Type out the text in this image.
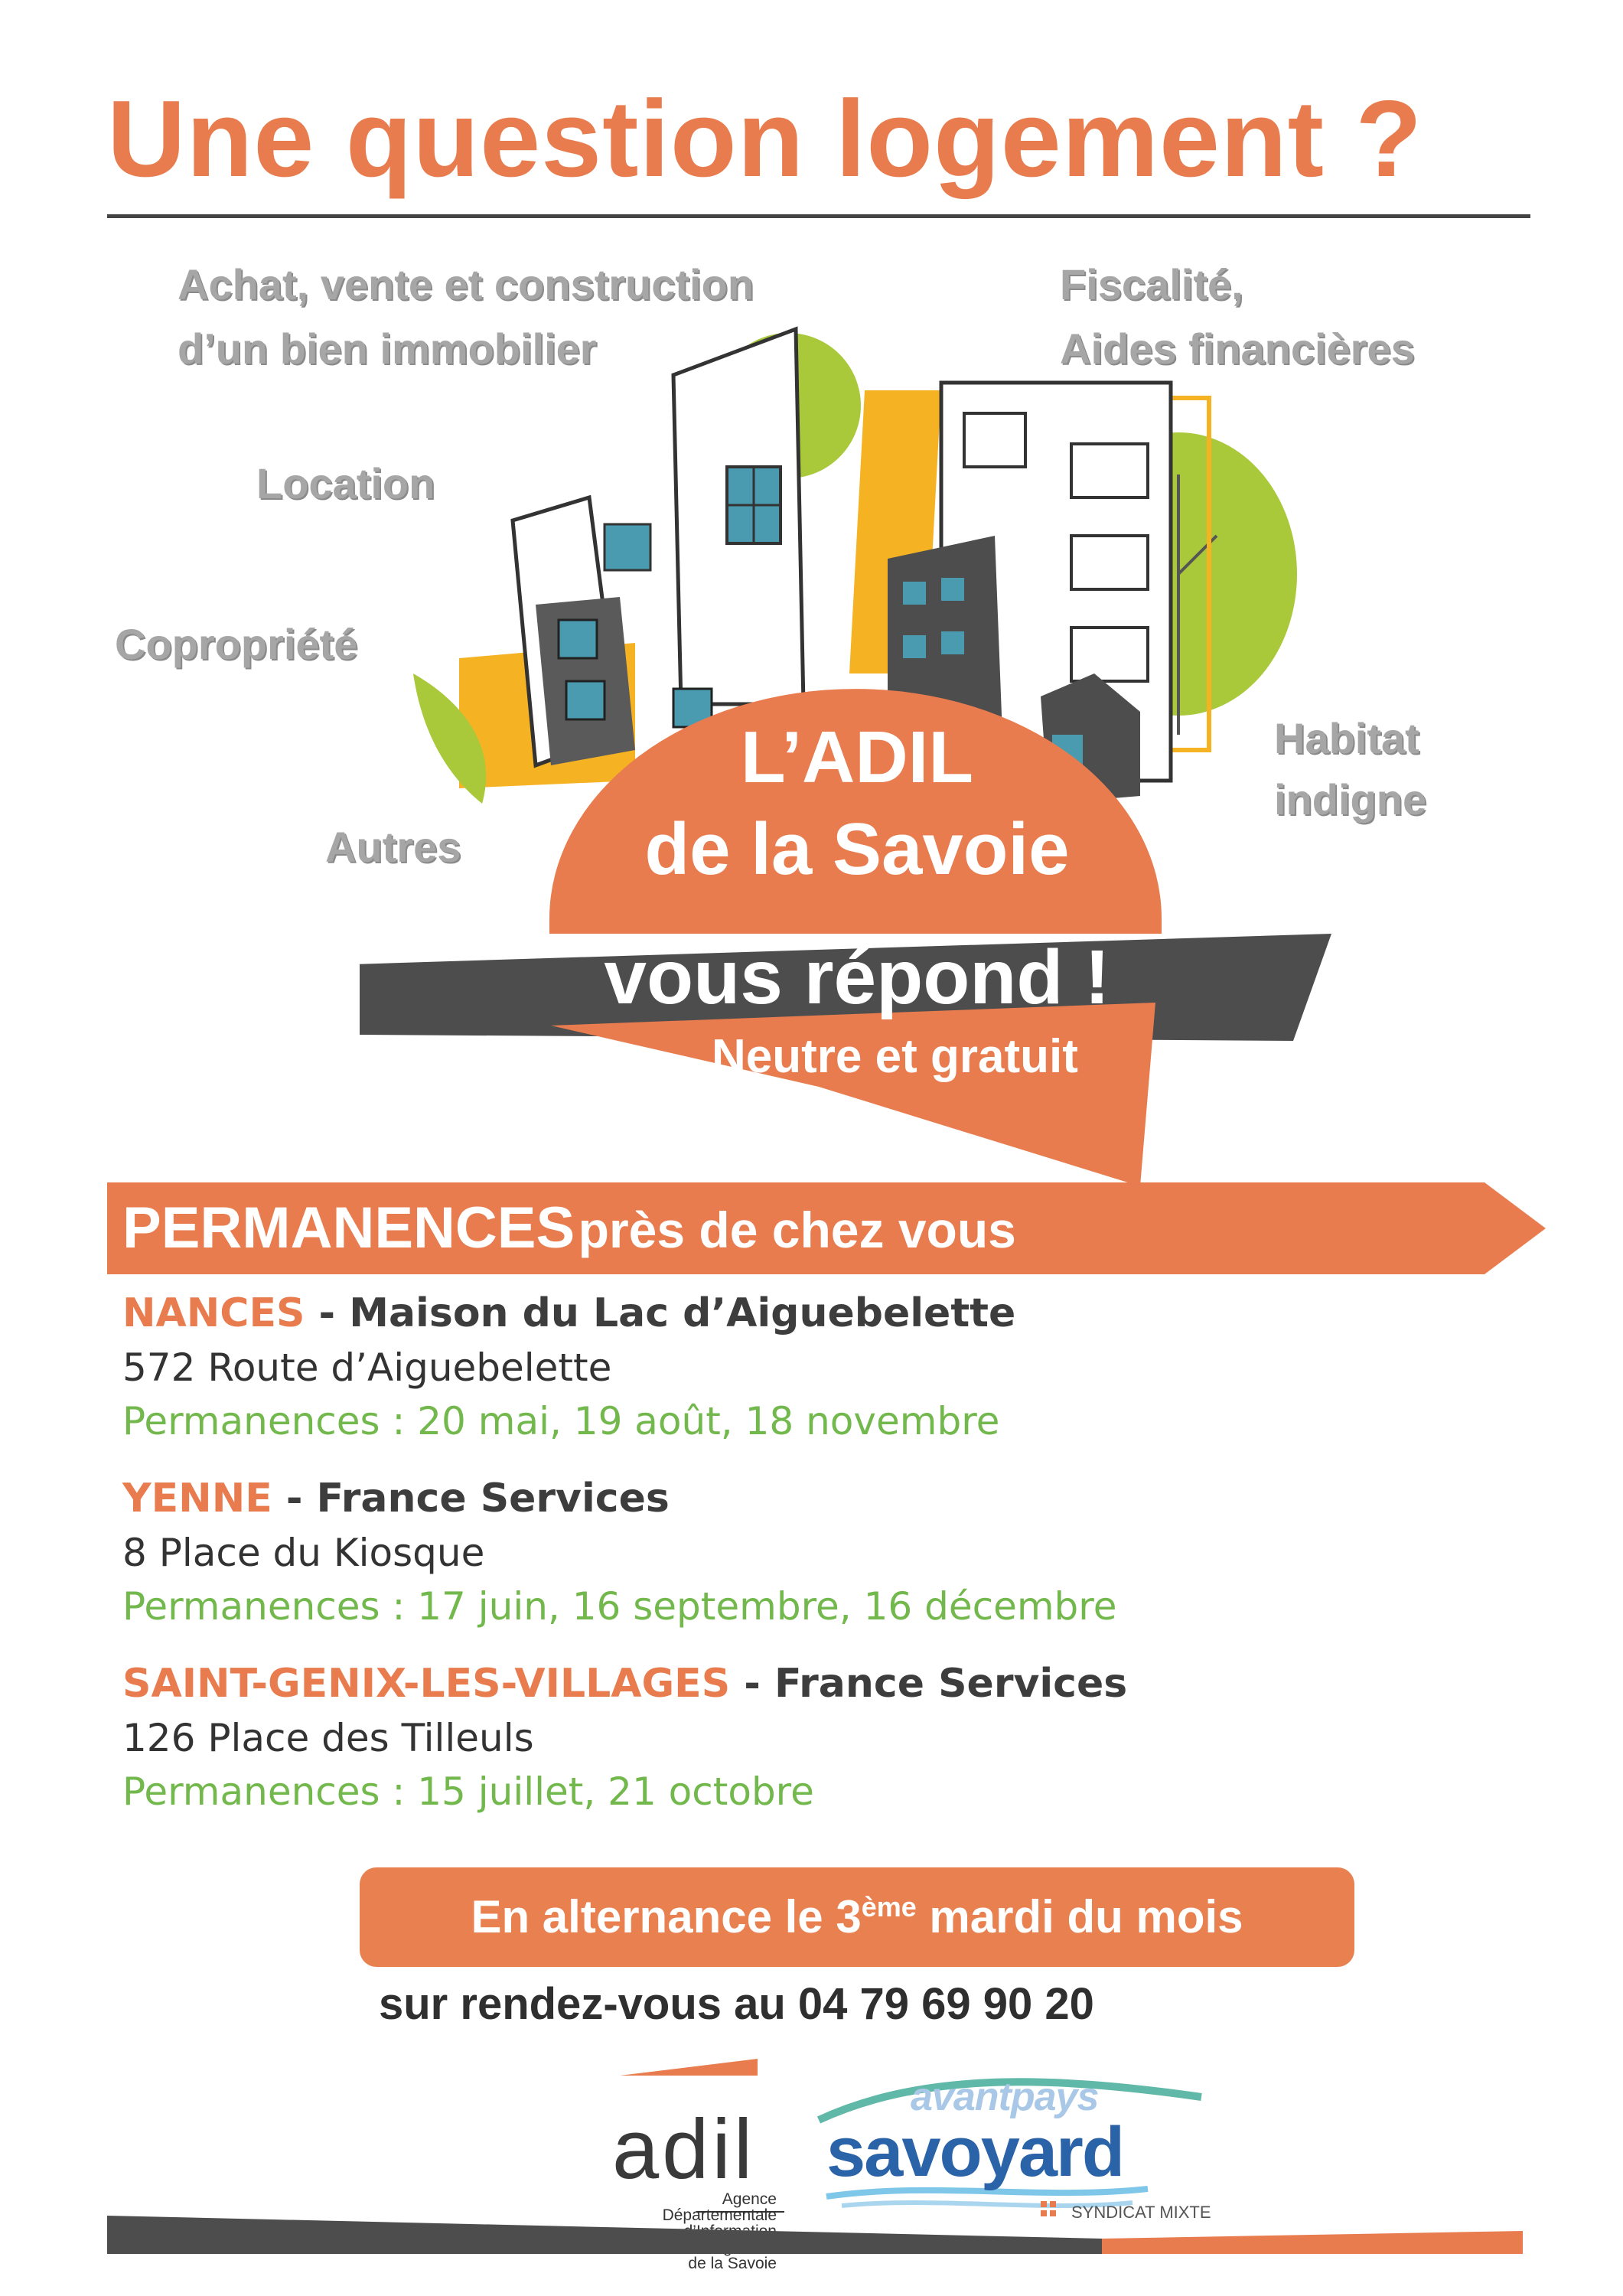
Une question logement ?
Achat, vente et construction
d’un bien immobilier
Fiscalité,
Aides financières
Location
Copropriété
Autres
Habitat
indigne
L’ADIL
de la Savoie
vous répond !
Neutre et gratuit
PERMANENCES près de chez vous
NANCES - Maison du Lac d’Aiguebelette
572 Route d’Aiguebelette
Permanences : 20 mai, 19 août, 18 novembre
YENNE - France Services
8 Place du Kiosque
Permanences : 17 juin, 16 septembre, 16 décembre
SAINT-GENIX-LES-VILLAGES - France Services
126 Place des Tilleuls
Permanences : 15 juillet, 21 octobre
En alternance le 3ème mardi du mois
sur rendez-vous au 04 79 69 90 20
adil
Agence Départementale
de la Savoie
avantpays
savoyard
SYNDICAT MIXTE
